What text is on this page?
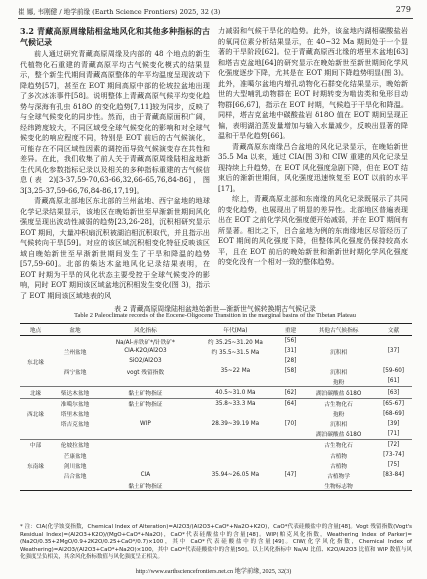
崔 娜, 韦刚健 / 地学前缘 (Earth Science Frontiers) 2025, 32 (3)	279
3.2 青藏高原周缘陆相盆地风化和其他多种指标的古气候记录

前人通过研究青藏高原周缘及内部的 48 个地点的新生代植物化石重建的青藏高原平均古气候变化模式的结果显示，整个新生代期间青藏高原整体的年平均温度呈现波动下降趋势[57]，甚至在 EOT 期间高原中部的伦坡拉盆地出现了多次冰冻事件[58]。说明整体上青藏高原气候平均变化趋势与深海有孔虫 δ18O 的变化趋势[7,11]较为同步，反映了与全球气候变化的同步性。然而，由于青藏高原面积广阔，经纬跨度较大，不同区域受全球气候变化的影响和对全球气候变化的响应程度不同，特别是 EOT 前后的古气候演化，可能存在不同区域性因素的调控而导致气候演变存在共性和差异。在此，我们收集了前人关于青藏高原周缘陆相盆地新生代风化参数指标记录以及相关的多种指标重建的古气候信息(表 2)[3-37,59-70,63-66,32,66-65,76,84-86]，图 3[3,25-37,59-66,76,84-86,17,19]。

青藏高原北部地区东北部的兰州盆地、西宁盆地的地球化学记录结果显示，该地区在晚始新世至早渐新世期间风化强度呈现出波动性减弱的趋势[23,26-28]，沉积相研究显示 EOT 期间，大量冲积扇沉积被湖泊相沉积取代，并且指示出气候转向干旱[59]。对应的该区域沉积相变化特征反映该区域自晚始新世至早渐新世期间发生了干旱和降温的趋势[57,59-60]。北部的柴达木盆地风化记录结果表明，在 EOT 时期为干旱的风化状态主要受控于全球气候变冷的影响，同时 EOT 期间该区域盆地沉积相发生变化(图 3)，指示了 EOT 期间该区域地表的风

力减弱和气候干旱化的趋势。此外，该盆地内湖相碳酸盐岩的氧同位素分析结果显示，在 40~32 Ma 期间处于一个显著的干旱阶段[62]。位于青藏高原西北缘的塔里木盆地[63]和塔吉克盆地[64]的研究显示在晚始新世至新世期间化学风化强度逐步下降，尤其是在 EOT 期间下降趋势明显(图 3)。此外，准噶尔盆地内增孔动物化石群变化结果显示，晚始新世的大型哺乳动物群在 EOT 时期转变为啮齿类和兔形目动物群[66,67]，指示在 EOT 时期，气候趋于干旱化和降温。同样，塔吉克盆地中碳酸盐岩 δ18O 值在 EOT 期间呈现正偏，表明湖泊蒸发量增加与输入水量减少，反映出显著的降温和干旱化趋势[66]。

青藏高原东南缘吕合盆地的风化记录显示，在晚始新世 35.5 Ma 以来，通过 CIA(图 3)和 CIW 重建的风化记录呈现持续上升趋势，在 EOT 风化强度急剧下降，但在 EOT 结束后的渐新世期间，风化强度迅速恢复至 EOT 以前的水平[17]。

综上，青藏高原北部和东南缘的风化记录既展示了共同的变化趋势，也展现出了明显的差异性。北部地区普遍表现出在 EOT 之前化学风化强度便开始减弱，并在 EOT 期间有所显著。相比之下，吕合盆地为例的东南缘地区尽管经历了 EOT 期间的风化强度下降，但整体风化强度仍保持较高水平，且在 EOT 前后的晚始新世和渐新世时期化学风化强度的变化没有一个相对一致的整体趋势。

表 2 青藏高原周缘陆相盆地始新世—渐新世气候转换期古气候记录
Table 2 Paleoclimate records of the Eocene-Oligocene Transition in the marginal basins of the Tibetan Plateau
地点	盆地	风化指标	年代(Ma)	重建	其他古气候指标	文献
		Na/Al-赤铁矿*/针铁矿*	约 35.25~31.20 Ma	[56]		
	兰州盆地	CIA-K2O/Al2O3	约 35.5~31.5 Ma	[31]	沉积相	[37]
东北缘		SiO2/Al2O3		[28]		
	西宁盆地	vogt 残留指数	35~22 Ma	[58]	沉积相	[59-60]
					孢粉	[61]
北缘	柴达木盆地	黏土矿物指证	40.5~31.0 Ma	[62]	湖泊碳酸盐 δ18O	[63]
	准噶尔盆地	黏土矿物指证	35.8~33.3 Ma	[64]	古生物化石	[65-67]
西北缘	塔里木盆地				孢粉	[68-69]
	塔吉克盆地	WIP	28.39~39.19 Ma	[70]	沉积相	[39]
					湖泊碳酸盐 δ18O	[71]
中部	伦坡拉盆地				古生物化石	[72]
	芒康盆地				古植物	[73-74]
东南缘	剑川盆地				古植物	[75]
	吕合盆地	CIA	35.94~26.05 Ma	[47]	古植物学	[83-84]
		黏土矿物指证			生物标志物	
* 注：CIA(化学蚀变指数，Chemical Index of Alteration)=Al2O3/(Al2O3+CaO*+Na2O+K2O)，CaO*代表硅酸盐中的含量[48]。Vogt 残留指数(Vogt's Residual Index)=(Al2O3+K2O)/(MgO+CaO*+Na2O)，CaO*代表硅酸盐中的含量[48]。WIP(帕克风化指数，Weathering Index of Parker)=(Na2O/0.35+2MgO/0.9+2K2O/0.25+CaO*/0.7)×100，其中 CaO*代表硅酸盐中的含量[49]。CIW(化学风化指数，Chemical Index of Weathering)=Al2O3/(Al2O3+CaO*+Na2O)×100，其中 CaO*代表硅酸盐中的含量[50]。以上风化指标中 Na/Al 比值、K2O/Al2O3 比值和 WIP 数值与风化强度呈负相关，其余风化指标数值与风化强度呈正相关。
http://www.earthsciencefrontiers.net.cn 地学前缘, 2025, 32(3)
